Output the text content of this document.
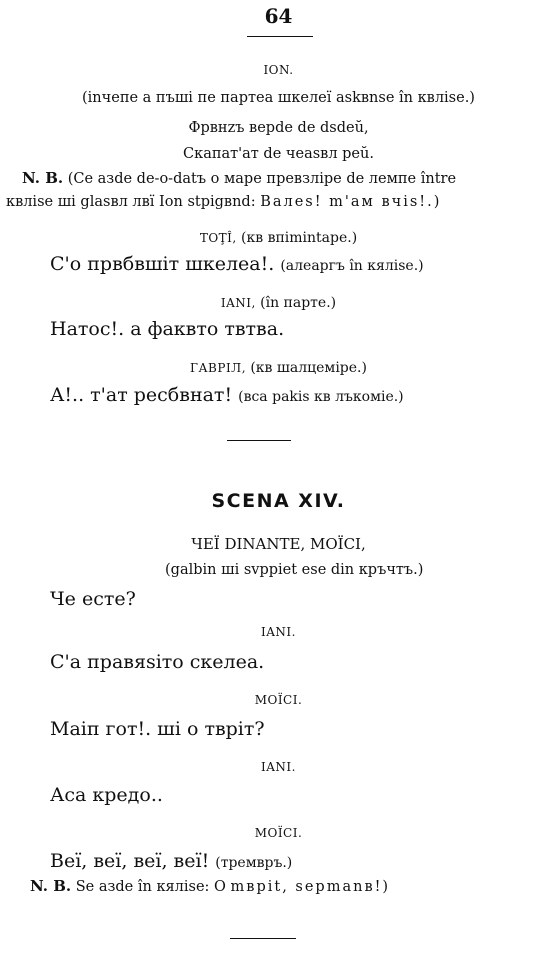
64
ION.
(inчепе а пъші пе партеа шкелеї askвnse în квлise.)
Фрвнzъ верde de dsdeŭ,
Скапат'ат de чеаsвл реŭ.
N. B. (Се азde de-o-datъ o маре превзліре de лемпе între
квлise ші glasвл лвї Ion stpigвnd: Валеѕ! m'ам вчis!.)
TOŢÎ, (кв впіmintape.)
С'о првбвшіт шкелеа!. (алеаргъ în кялisе.)
IANI, (în парте.)
Натос!. а факвто твтва.
ГАВРІЛ, (кв шалцеміре.)
А!.. т'ат ресбвнат! (вса pakis кв лъкоміе.)
SCENA XIV.
ЧЕЇ DINANTE, МОЇСІ,
(galbin ші svрріеt ese din кръчтъ.)
Че есте?
IANI.
С'а правяsіто скелеа.
МОЇСІ.
Маіп гот!. ші о тврiт?
IANI.
Аса кредо..
МОЇСІ.
Веї, веї, веї, веї! (тремвръ.)
N. B. Se азde în кялisе: О mврit, sерmanв!)
